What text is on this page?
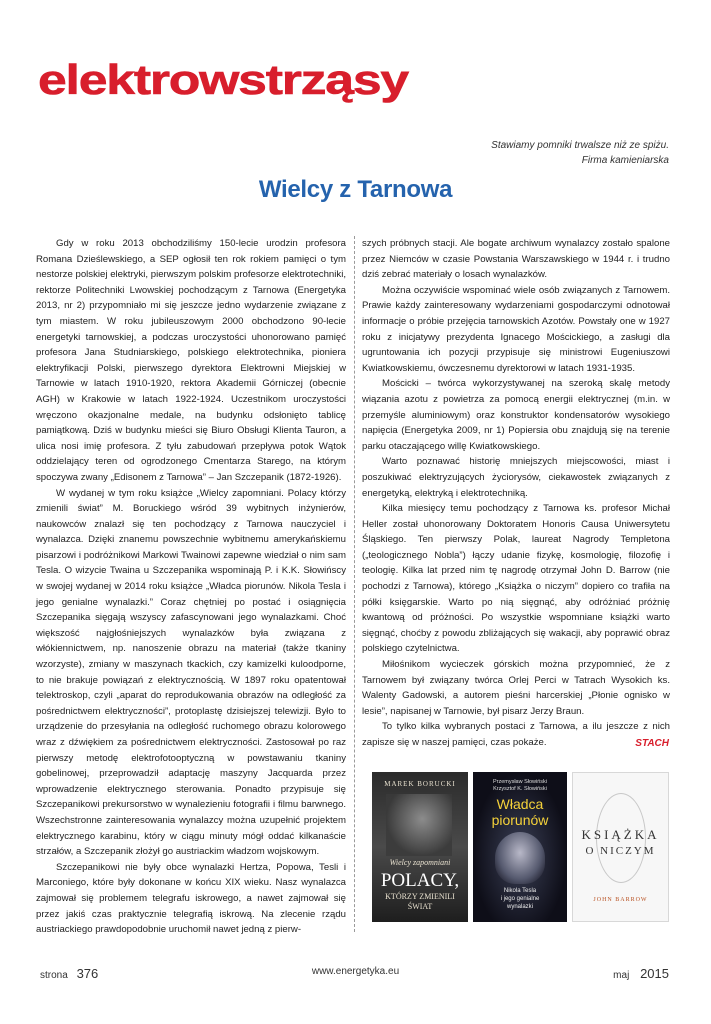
elektrowstrząsy
Stawiamy pomniki trwalsze niż ze spiżu.
Firma kamieniarska
Wielcy z Tarnowa

Gdy w roku 2013 obchodziliśmy 150-lecie urodzin profesora Romana Dzieślewskiego, a SEP ogłosił ten rok rokiem pamięci o tym nestorze polskiej elektryki, pierwszym polskim profesorze elektrotechniki, rektorze Politechniki Lwowskiej pochodzącym z Tarnowa (Energetyka 2013, nr 2) przypomniało mi się jeszcze jedno wydarzenie związane z tym miastem. W roku jubileuszowym 2000 obchodzono 90-lecie energetyki tarnowskiej, a podczas uroczystości uhonorowano pamięć profesora Jana Studniarskiego, polskiego elektrotechnika, pioniera elektryfikacji Polski, pierwszego dyrektora Elektrowni Miejskiej w Tarnowie w latach 1910-1920, rektora Akademii Górniczej (obecnie AGH) w Krakowie w latach 1922-1924. Uczestnikom uroczystości wręczono okazjonalne medale, na budynku odsłonięto tablicę pamiątkową. Dziś w budynku mieści się Biuro Obsługi Klienta Tauron, a ulica nosi imię profesora. Z tyłu zabudowań przepływa potok Wątok oddzielający teren od ogrodzonego Cmentarza Starego, na którym spoczywa zwany „Edisonem z Tarnowa” – Jan Szczepanik (1872-1926).

W wydanej w tym roku książce „Wielcy zapomniani. Polacy którzy zmienili świat” M. Boruckiego wśród 39 wybitnych inżynierów, naukowców znalazł się ten pochodzący z Tarnowa nauczyciel i wynalazca. Dzięki znanemu powszechnie wybitnemu amerykańskiemu pisarzowi i podróżnikowi Markowi Twainowi zapewne wiedział o nim sam Tesla. O wizycie Twaina u Szczepanika wspominają P. i K.K. Słowińscy w swojej wydanej w 2014 roku książce „Władca piorunów. Nikola Tesla i jego genialne wynalazki.” Coraz chętniej po postać i osiągnięcia Szczepanika sięgają wszyscy zafascynowani jego wynalazkami. Choć większość najgłośniejszych wynalazków była związana z włókiennictwem, np. nanoszenie obrazu na materiał (także tkaniny wzorzyste), zmiany w maszynach tkackich, czy kamizelki kuloodporne, to nie brakuje powiązań z elektrycznością. W 1897 roku opatentował telektroskop, czyli „aparat do reprodukowania obrazów na odległość za pośrednictwem elektryczności”, protoplastę dzisiejszej telewizji. Było to urządzenie do przesyłania na odległość ruchomego obrazu kolorowego wraz z dźwiękiem za pośrednictwem elektryczności. Zastosował po raz pierwszy metodę elektrofotooptyczną w powstawaniu tkaniny gobelinowej, przeprowadził adaptację maszyny Jacquarda przez wprowadzenie elektrycznego sterowania. Ponadto przypisuje się Szczepanikowi prekursorstwo w wynalezieniu fotografii i filmu barwnego. Wszechstronne zainteresowania wynalazcy można uzupełnić projektem elektrycznego karabinu, który w ciągu minuty mógł oddać kilkanaście strzałów, a Szczepanik złożył go austriackim władzom wojskowym.

Szczepanikowi nie były obce wynalazki Hertza, Popowa, Tesli i Marconiego, które były dokonane w końcu XIX wieku. Nasz wynalazca zajmował się problemem telegrafu iskrowego, a nawet zajmował się przez jakiś czas praktycznie telegrafią iskrową. Na zlecenie rządu austriackiego prawdopodobnie uruchomił nawet jedną z pierw-

szych próbnych stacji. Ale bogate archiwum wynalazcy zostało spalone przez Niemców w czasie Powstania Warszawskiego w 1944 r. i trudno dziś zebrać materiały o losach wynalazków.

Można oczywiście wspominać wiele osób związanych z Tarnowem. Prawie każdy zainteresowany wydarzeniami gospodarczymi odnotował informacje o próbie przejęcia tarnowskich Azotów. Powstały one w 1927 roku z inicjatywy prezydenta Ignacego Mościckiego, a zasługi dla ugruntowania ich pozycji przypisuje się ministrowi Eugeniuszowi Kwiatkowskiemu, ówczesnemu dyrektorowi w latach 1931-1935.

Mościcki – twórca wykorzystywanej na szeroką skalę metody wiązania azotu z powietrza za pomocą energii elektrycznej (m.in. w przemyśle aluminiowym) oraz konstruktor kondensatorów wysokiego napięcia (Energetyka 2009, nr 1) Popiersia obu znajdują się na terenie parku otaczającego willę Kwiatkowskiego.

Warto poznawać historię mniejszych miejscowości, miast i poszukiwać elektryzujących życiorysów, ciekawostek związanych z energetyką, elektryką i elektrotechniką.

Kilka miesięcy temu pochodzący z Tarnowa ks. profesor Michał Heller został uhonorowany Doktoratem Honoris Causa Uniwersytetu Śląskiego. Ten pierwszy Polak, laureat Nagrody Templetona („teologicznego Nobla”) łączy udanie fizykę, kosmologię, filozofię i teologię. Kilka lat przed nim tę nagrodę otrzymał John D. Barrow (nie pochodzi z Tarnowa), którego „Książka o niczym” dopiero co trafiła na półki księgarskie. Warto po nią sięgnąć, aby odróżniać próżnię kwantową od próżności. Po wszystkie wspomniane książki warto sięgnąć, choćby z powodu zbliżających się wakacji, aby poprawić obraz polskiego czytelnictwa.

Miłośnikom wycieczek górskich można przypomnieć, że z Tarnowem był związany twórca Orlej Perci w Tatrach Wysokich ks. Walenty Gadowski, a autorem pieśni harcerskiej „Płonie ognisko w lesie”, napisanej w Tarnowie, był pisarz Jerzy Braun.

To tylko kilka wybranych postaci z Tarnowa, a ilu jeszcze z nich zapisze się w naszej pamięci, czas pokaże.	STACH
MAREK BORUCKI
Wielcy zapomniani
POLACY,
KTÓRZY ZMIENILI
ŚWIAT
Przemysław Słowiński
Krzysztof K. Słowiński
Władca
piorunów
Nikola Tesla
i jego genialne
wynalazki
KSIĄŻKA
O NICZYM
JOHN BARROW
strona 376	www.energetyka.eu	maj 2015
